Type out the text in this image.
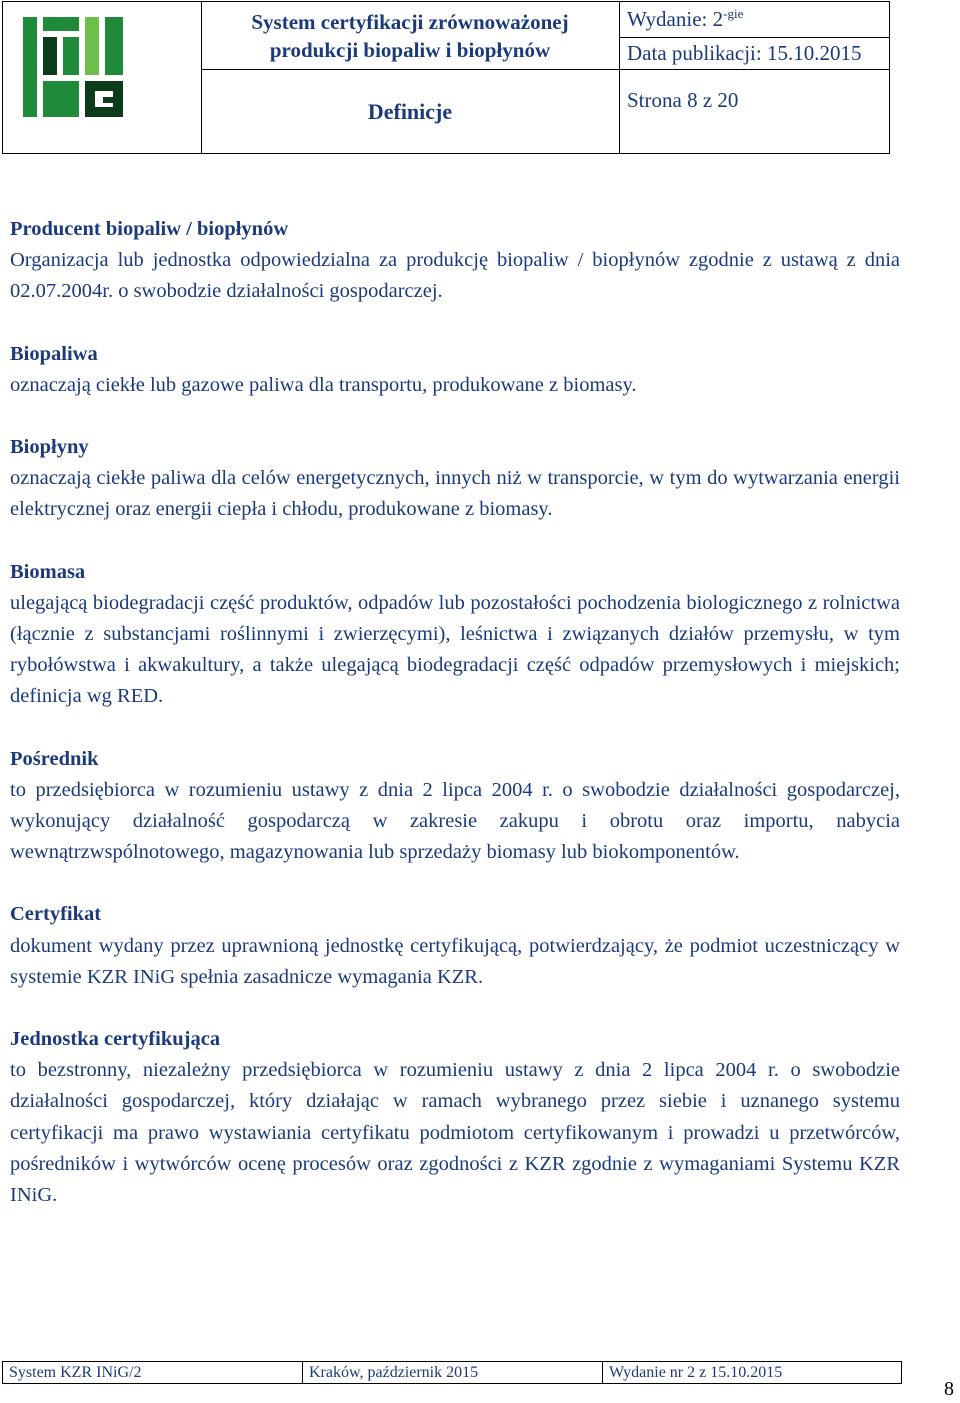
System certyfikacji zrównoważonej
produkcji biopaliw i biopłynów
Definicje
Wydanie: $2^{-gie}$
Data publikacji: 15.10.2015
Strona 8 z 20

Producent biopaliw / biopłynów

Organizacja lub jednostka odpowiedzialna za produkcję biopaliw / biopłynów zgodnie z ustawą z dnia 02.07.2004r. o swobodzie działalności gospodarczej.

Biopaliwa

oznaczają ciekłe lub gazowe paliwa dla transportu, produkowane z biomasy.

Biopłyny

oznaczają ciekłe paliwa dla celów energetycznych, innych niż w transporcie, w tym do wytwarzania energii elektrycznej oraz energii ciepła i chłodu, produkowane z biomasy.

Biomasa

ulegającą biodegradacji część produktów, odpadów lub pozostałości pochodzenia biologicznego z rolnictwa (łącznie z substancjami roślinnymi i zwierzęcymi), leśnictwa i związanych działów przemysłu, w tym rybołówstwa i akwakultury, a także ulegającą biodegradacji część odpadów przemysłowych i miejskich; definicja wg RED.

Pośrednik

to przedsiębiorca w rozumieniu ustawy z dnia 2 lipca 2004 r. o swobodzie działalności gospodarczej, wykonujący działalność gospodarczą w zakresie zakupu i obrotu oraz importu, nabycia wewnątrzwspólnotowego, magazynowania lub sprzedaży biomasy lub biokomponentów.

Certyfikat

dokument wydany przez uprawnioną jednostkę certyfikującą, potwierdzający, że podmiot uczestniczący w systemie KZR INiG spełnia zasadnicze wymagania KZR.

Jednostka certyfikująca

to bezstronny, niezależny przedsiębiorca w rozumieniu ustawy z dnia 2 lipca 2004 r. o swobodzie działalności gospodarczej, który działając w ramach wybranego przez siebie i uznanego systemu certyfikacji ma prawo wystawiania certyfikatu podmiotom certyfikowanym i prowadzi u przetwórców, pośredników i wytwórców ocenę procesów oraz zgodności z KZR zgodnie z wymaganiami Systemu KZR INiG.

System KZR INiG/2	Kraków, październik 2015	Wydanie nr 2 z 15.10.2015
8
